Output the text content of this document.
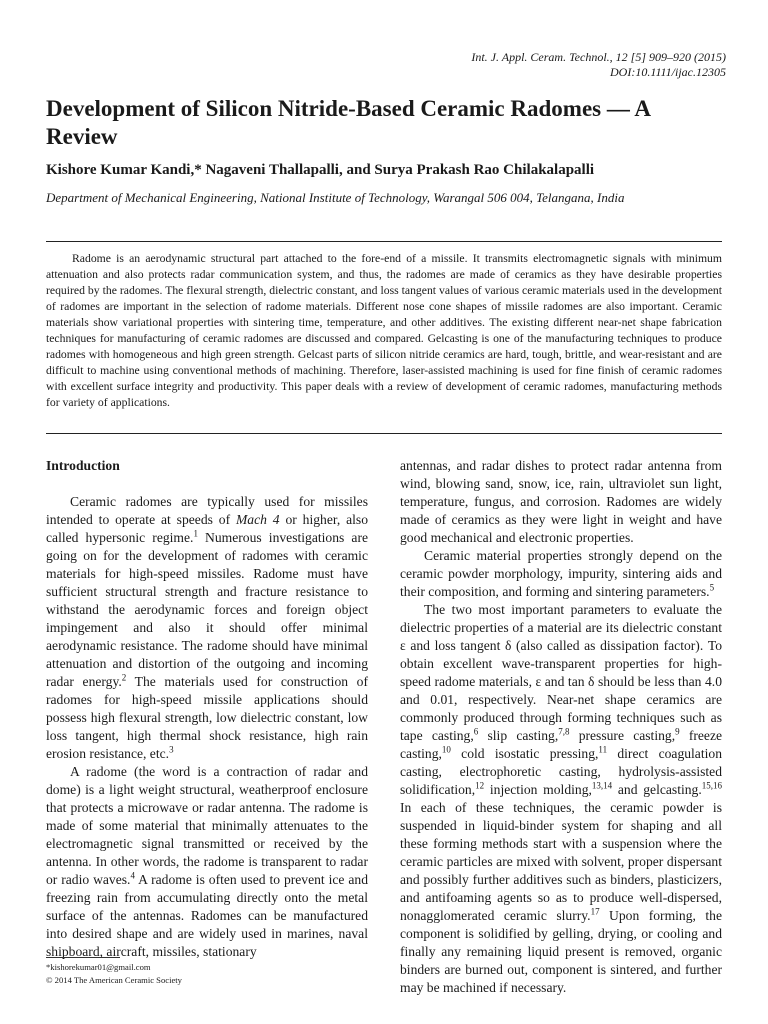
Int. J. Appl. Ceram. Technol., 12 [5] 909–920 (2015)
DOI:10.1111/ijac.12305
Development of Silicon Nitride-Based Ceramic Radomes — A Review
Kishore Kumar Kandi,* Nagaveni Thallapalli, and Surya Prakash Rao Chilakalapalli
Department of Mechanical Engineering, National Institute of Technology, Warangal 506 004, Telangana, India

Radome is an aerodynamic structural part attached to the fore-end of a missile. It transmits electromagnetic signals with minimum attenuation and also protects radar communication system, and thus, the radomes are made of ceramics as they have desirable properties required by the radomes. The flexural strength, dielectric constant, and loss tangent values of various ceramic materials used in the development of radomes are important in the selection of radome materials. Different nose cone shapes of missile radomes are also important. Ceramic materials show variational properties with sintering time, temperature, and other additives. The existing different near-net shape fabrication techniques for manufacturing of ceramic radomes are discussed and compared. Gelcasting is one of the manufacturing techniques to produce radomes with homogeneous and high green strength. Gelcast parts of silicon nitride ceramics are hard, tough, brittle, and wear-resistant and are difficult to machine using conventional methods of machining. Therefore, laser-assisted machining is used for fine finish of ceramic radomes with excellent surface integrity and productivity. This paper deals with a review of development of ceramic radomes, manufacturing methods for variety of applications.

Introduction

Ceramic radomes are typically used for missiles intended to operate at speeds of Mach 4 or higher, also called hypersonic regime.$^1$ Numerous investigations are going on for the development of radomes with ceramic materials for high-speed missiles. Radome must have sufficient structural strength and fracture resistance to withstand the aerodynamic forces and foreign object impingement and also it should offer minimal aerodynamic resistance. The radome should have minimal attenuation and distortion of the outgoing and incoming radar energy.$^2$ The materials used for construction of radomes for high-speed missile applications should possess high flexural strength, low dielectric constant, low loss tangent, high thermal shock resistance, high rain erosion resistance, etc.$^3$

A radome (the word is a contraction of radar and dome) is a light weight structural, weatherproof enclosure that protects a microwave or radar antenna. The radome is made of some material that minimally attenuates to the electromagnetic signal transmitted or received by the antenna. In other words, the radome is transparent to radar or radio waves.$^4$ A radome is often used to prevent ice and freezing rain from accumulating directly onto the metal surface of the antennas. Radomes can be manufactured into desired shape and are widely used in marines, naval shipboard, aircraft, missiles, stationary

antennas, and radar dishes to protect radar antenna from wind, blowing sand, snow, ice, rain, ultraviolet sun light, temperature, fungus, and corrosion. Radomes are widely made of ceramics as they were light in weight and have good mechanical and electronic properties.

Ceramic material properties strongly depend on the ceramic powder morphology, impurity, sintering aids and their composition, and forming and sintering parameters.$^5$

The two most important parameters to evaluate the dielectric properties of a material are its dielectric constant ε and loss tangent δ (also called as dissipation factor). To obtain excellent wave-transparent properties for high-speed radome materials, ε and tan δ should be less than 4.0 and 0.01, respectively. Near-net shape ceramics are commonly produced through forming techniques such as tape casting,$^6$ slip casting,$^{7,8}$ pressure casting,$^9$ freeze casting,$^{10}$ cold isostatic pressing,$^{11}$ direct coagulation casting, electrophoretic casting, hydrolysis-assisted solidification,$^{12}$ injection molding,$^{13,14}$ and gelcasting.$^{15,16}$ In each of these techniques, the ceramic powder is suspended in liquid-binder system for shaping and all these forming methods start with a suspension where the ceramic particles are mixed with solvent, proper dispersant and possibly further additives such as binders, plasticizers, and antifoaming agents so as to produce well-dispersed, nonagglomerated ceramic slurry.$^{17}$ Upon forming, the component is solidified by gelling, drying, or cooling and finally any remaining liquid present is removed, organic binders are burned out, component is sintered, and further may be machined if necessary.

*kishorekumar01@gmail.com
© 2014 The American Ceramic Society
